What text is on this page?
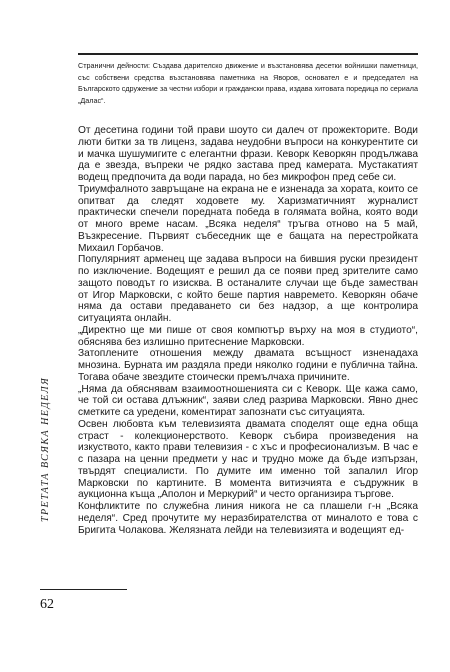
Странични дейности: Създава дарителско движение и възстановява десетки войнишки паметници, със собствени средства възстановява паметника на Яворов, основател е и председател на Българското сдружение за честни избори и граждански права, издава хитовата поредица по сериала „Далас“.

От десетина години той прави шоуто си далеч от прожекторите. Води люти битки за тв лиценз, задава неудобни въпроси на конкурентите си и мачка шушумигите с елегантни фрази. Кеворк Кеворкян продължава да е звезда, въпреки че рядко застава пред камерата. Мустакатият водещ предпочита да води парада, но без микрофон пред себе си.

Триумфалното завръщане на екрана не е изненада за хората, които се опитват да следят ходовете му. Харизматичният журналист практически спечели поредната победа в голямата война, която води от много време насам. „Всяка неделя“ тръгва отново на 5 май, Възкресение. Първият събеседник ще е бащата на перестройката Михаил Горбачов.

Популярният арменец ще задава въпроси на бившия руски президент по изключение. Водещият е решил да се появи пред зрителите само защото поводът го изисква. В останалите случаи ще бъде заместван от Игор Марковски, с който беше партия навремето. Кеворкян обаче няма да остави предаването си без надзор, а ще контролира ситуацията онлайн.

„Директно ще ми пише от своя компютър върху на моя в студиото“, обяснява без излишно притеснение Марковски.

Затоплените отношения между двамата всъщност изненадаха мнозина. Бурната им раздяла преди няколко години е публична тайна. Тогава обаче звездите стоически премълчаха причините.

„Няма да обяснявам взаимоотношенията си с Кеворк. Ще кажа само, че той си остава длъжник“, заяви след разрива Марковски. Явно днес сметките са уредени, коментират запознати със ситуацията.

Освен любовта към телевизията двамата споделят още една обща страст - колекционерството. Кеворк събира произведения на изкуството, както прави телевизия - с хъс и професионализъм. В час е с пазара на ценни предмети у нас и трудно може да бъде изпързан, твърдят специалисти. По думите им именно той запалил Игор Марковски по картините. В момента витизчията е съдружник в аукционна къща „Аполон и Меркурий“ и често организира търгове.

Конфликтите по служебна линия никога не са плашели г-н „Всяка неделя“. Сред прочутите му неразбирателства от миналото е това с Бригита Чолакова. Желязната лейди на телевизията и водещият ед-

ТРЕТАТА ВСЯКА НЕДЕЛЯ
62
